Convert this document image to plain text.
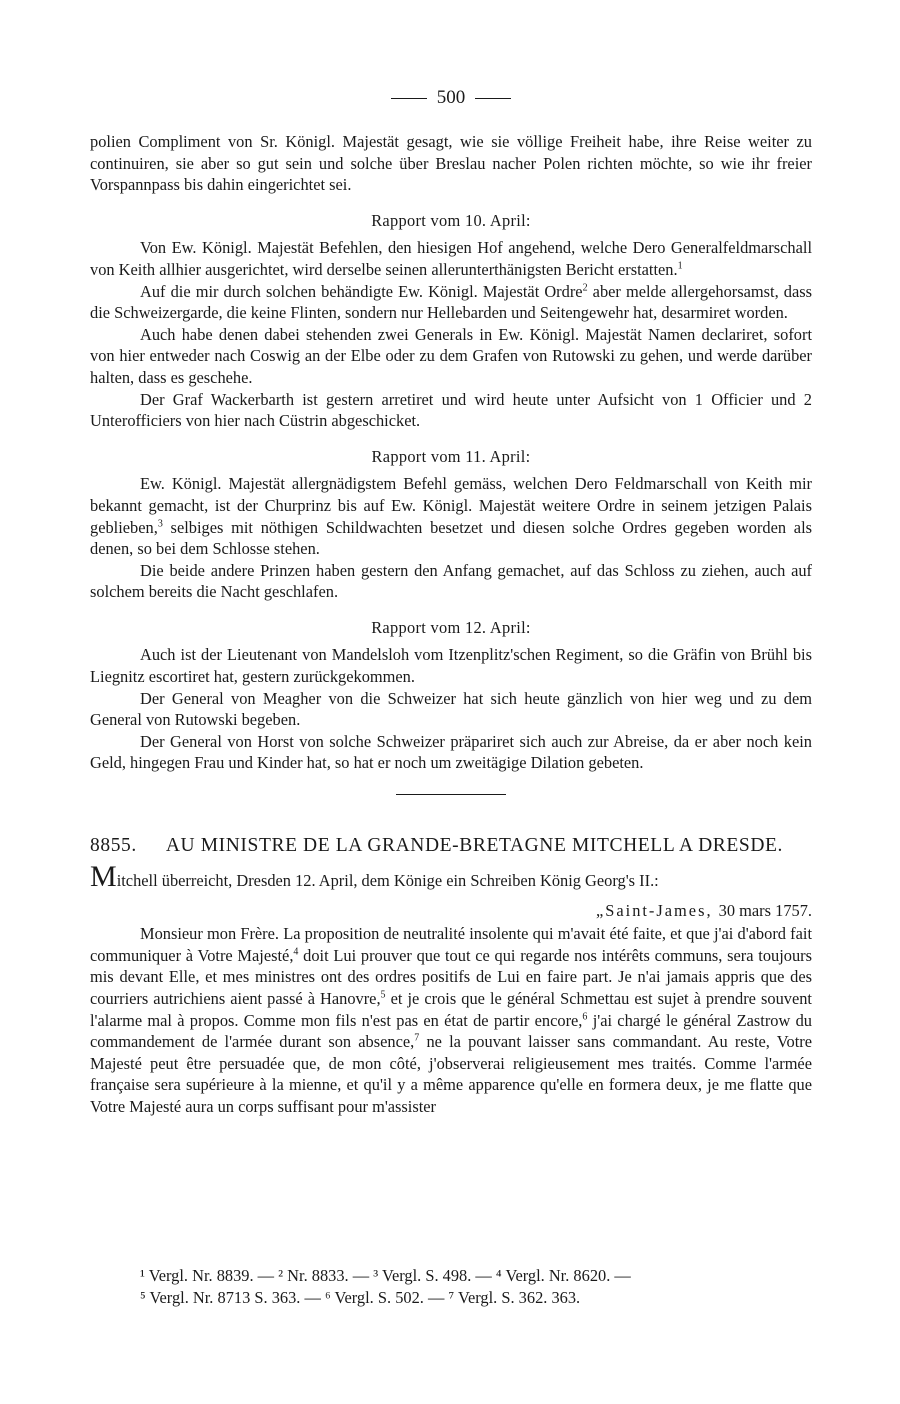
500

polien Compliment von Sr. Königl. Majestät gesagt, wie sie völlige Freiheit habe, ihre Reise weiter zu continuiren, sie aber so gut sein und solche über Breslau nacher Polen richten möchte, so wie ihr freier Vorspannpass bis dahin eingerichtet sei.

Rapport vom 10. April:

Von Ew. Königl. Majestät Befehlen, den hiesigen Hof angehend, welche Dero Generalfeldmarschall von Keith allhier ausgerichtet, wird derselbe seinen allerunterthänigsten Bericht erstatten.$^1$

Auf die mir durch solchen behändigte Ew. Königl. Majestät Ordre$^2$ aber melde allergehorsamst, dass die Schweizergarde, die keine Flinten, sondern nur Hellebarden und Seitengewehr hat, desarmiret worden.

Auch habe denen dabei stehenden zwei Generals in Ew. Königl. Majestät Namen declariret, sofort von hier entweder nach Coswig an der Elbe oder zu dem Grafen von Rutowski zu gehen, und werde darüber halten, dass es geschehe.

Der Graf Wackerbarth ist gestern arretiret und wird heute unter Aufsicht von 1 Officier und 2 Unterofficiers von hier nach Cüstrin abgeschicket.

Rapport vom 11. April:

Ew. Königl. Majestät allergnädigstem Befehl gemäss, welchen Dero Feldmarschall von Keith mir bekannt gemacht, ist der Churprinz bis auf Ew. Königl. Majestät weitere Ordre in seinem jetzigen Palais geblieben,$^3$ selbiges mit nöthigen Schildwachten besetzet und diesen solche Ordres gegeben worden als denen, so bei dem Schlosse stehen.

Die beide andere Prinzen haben gestern den Anfang gemachet, auf das Schloss zu ziehen, auch auf solchem bereits die Nacht geschlafen.

Rapport vom 12. April:

Auch ist der Lieutenant von Mandelsloh vom Itzenplitz'schen Regiment, so die Gräfin von Brühl bis Liegnitz escortiret hat, gestern zurückgekommen.

Der General von Meagher von die Schweizer hat sich heute gänzlich von hier weg und zu dem General von Rutowski begeben.

Der General von Horst von solche Schweizer präpariret sich auch zur Abreise, da er aber noch kein Geld, hingegen Frau und Kinder hat, so hat er noch um zweitägige Dilation gebeten.

8855. AU MINISTRE DE LA GRANDE-BRETAGNE MITCHELL A DRESDE.

Mitchell überreicht, Dresden 12. April, dem Könige ein Schreiben König Georg's II.:

„Saint-James, 30 mars 1757.

Monsieur mon Frère. La proposition de neutralité insolente qui m'avait été faite, et que j'ai d'abord fait communiquer à Votre Majesté,$^4$ doit Lui prouver que tout ce qui regarde nos intérêts communs, sera toujours mis devant Elle, et mes ministres ont des ordres positifs de Lui en faire part. Je n'ai jamais appris que des courriers autrichiens aient passé à Hanovre,$^5$ et je crois que le général Schmettau est sujet à prendre souvent l'alarme mal à propos. Comme mon fils n'est pas en état de partir encore,$^6$ j'ai chargé le général Zastrow du commandement de l'armée durant son absence,$^7$ ne la pouvant laisser sans commandant. Au reste, Votre Majesté peut être persuadée que, de mon côté, j'observerai religieusement mes traités. Comme l'armée française sera supérieure à la mienne, et qu'il y a même apparence qu'elle en formera deux, je me flatte que Votre Majesté aura un corps suffisant pour m'assister

¹ Vergl. Nr. 8839. — ² Nr. 8833. — ³ Vergl. S. 498. — ⁴ Vergl. Nr. 8620. —

⁵ Vergl. Nr. 8713 S. 363. — ⁶ Vergl. S. 502. — ⁷ Vergl. S. 362. 363.
